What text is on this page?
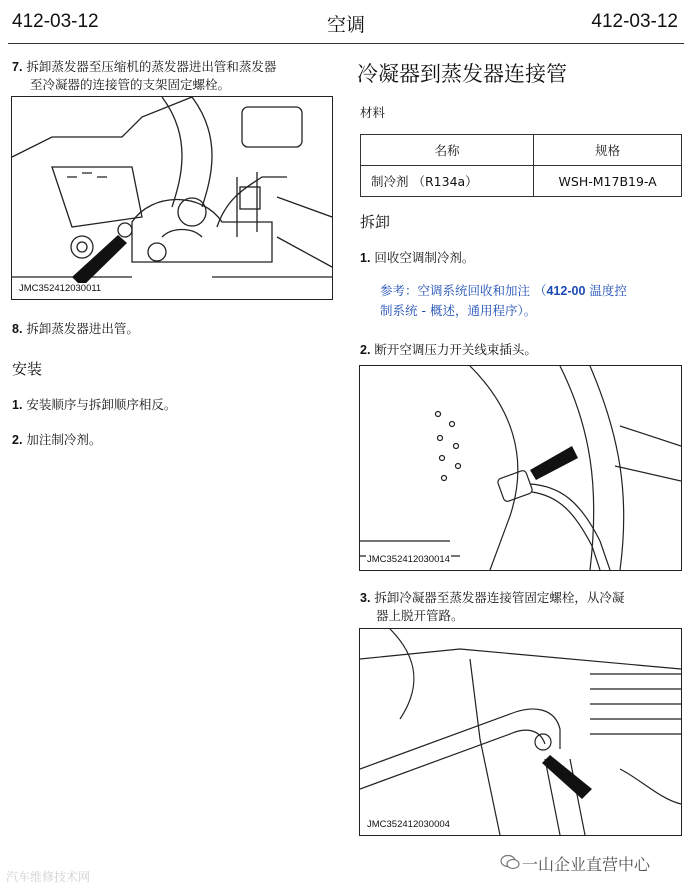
412-03-12	空调	412-03-12
7. 拆卸蒸发器至压缩机的蒸发器进出管和蒸发器
至冷凝器的连接管的支架固定螺栓。
JMC352412030011
8. 拆卸蒸发器进出管。
安装
1. 安装顺序与拆卸顺序相反。
2. 加注制冷剂。
冷凝器到蒸发器连接管
材料
名称	规格
制冷剂 （R134a）	WSH-M17B19-A
拆卸
1. 回收空调制冷剂。
参考：空调系统回收和加注 （412-00 温度控
制系统 - 概述，通用程序）。
2. 断开空调压力开关线束插头。
JMC352412030014
3. 拆卸冷凝器至蒸发器连接管固定螺栓，从冷凝
器上脱开管路。
JMC352412030004
汽车维修技术网
一山企业直营中心
